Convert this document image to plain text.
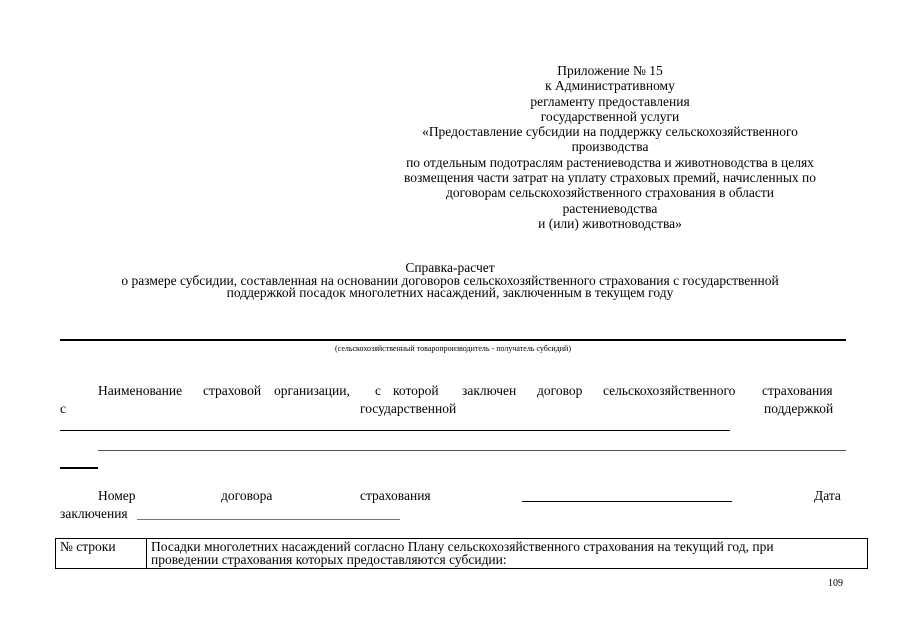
Приложение № 15
к Административному
регламенту предоставления
государственной услуги
«Предоставление субсидии на поддержку сельскохозяйственного
производства
по отдельным подотраслям растениеводства и животноводства в целях
возмещения части затрат на уплату страховых премий, начисленных по
договорам сельскохозяйственного страхования в области
растениеводства
и (или) животноводства»
Справка-расчет
о размере субсидии, составленная на основании договоров сельскохозяйственного страхования с государственной
поддержкой посадок многолетних насаждений, заключенным в текущем году
(сельскохозяйственный товаропроизводитель - получатель субсидий)
Наименование страховой организации, с которой заключен договор сельскохозяйственного страхования
с	государственной	поддержкой
Номер	договора	страхования	Дата
заключения
№ строки	Посадки многолетних насаждений согласно Плану сельскохозяйственного страхования на текущий год, при
проведении страхования которых предоставляются субсидии:
109
